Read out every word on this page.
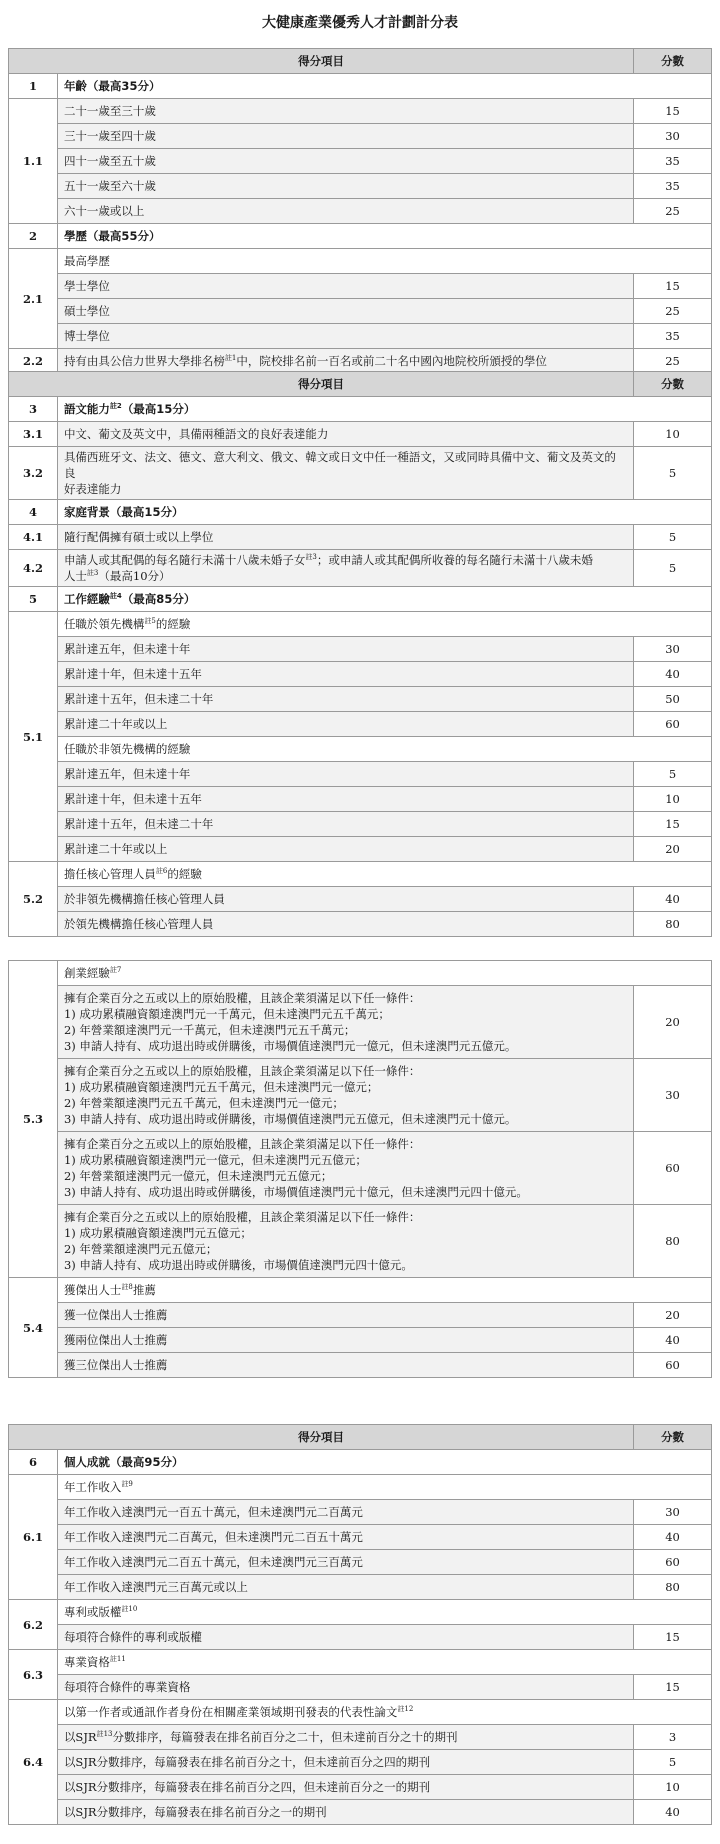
大健康產業優秀人才計劃計分表
得分項目		分數
1	年齡（最高35分）	
1.1	二十一歲至三十歲	15
	三十一歲至四十歲	30
	四十一歲至五十歲	35
	五十一歲至六十歲	35
	六十一歲或以上	25
2	學歷（最高55分）	
2.1	最高學歷	
	學士學位	15
	碩士學位	25
	博士學位	35
2.2	持有由具公信力世界大學排名榜$^{註1}$中，院校排名前一百名或前二十名中國內地院校所頒授的學位	25
得分項目		分數
3	語文能力$^{註2}$（最高15分）	
3.1	中文、葡文及英文中，具備兩種語文的良好表達能力	10
3.2	具備西班牙文、法文、德文、意大利文、俄文、韓文或日文中任一種語文，又或同時具備中文、葡文及英文的良
好表達能力	5
4	家庭背景（最高15分）	
4.1	隨行配偶擁有碩士或以上學位	5
4.2	申請人或其配偶的每名隨行未滿十八歲未婚子女$^{註3}$；或申請人或其配偶所收養的每名隨行未滿十八歲未婚
人士$^{註3}$（最高10分）	5
5	工作經驗$^{註4}$（最高85分）	
5.1	任職於領先機構$^{註5}$的經驗	
	累計達五年，但未達十年	30
	累計達十年，但未達十五年	40
	累計達十五年，但未達二十年	50
	累計達二十年或以上	60
	任職於非領先機構的經驗	
	累計達五年，但未達十年	5
	累計達十年，但未達十五年	10
	累計達十五年，但未達二十年	15
	累計達二十年或以上	20
5.2	擔任核心管理人員$^{註6}$的經驗	
	於非領先機構擔任核心管理人員	40
	於領先機構擔任核心管理人員	80
5.3	創業經驗$^{註7}$
	擁有企業百分之五或以上的原始股權，且該企業須滿足以下任一條件：
1) 成功累積融資額達澳門元一千萬元，但未達澳門元五千萬元；
2) 年營業額達澳門元一千萬元，但未達澳門元五千萬元；
3) 申請人持有、成功退出時或併購後，市場價值達澳門元一億元，但未達澳門元五億元。	20
	擁有企業百分之五或以上的原始股權，且該企業須滿足以下任一條件：
1) 成功累積融資額達澳門元五千萬元，但未達澳門元一億元；
2) 年營業額達澳門元五千萬元，但未達澳門元一億元；
3) 申請人持有、成功退出時或併購後，市場價值達澳門元五億元，但未達澳門元十億元。	30
	擁有企業百分之五或以上的原始股權，且該企業須滿足以下任一條件：
1) 成功累積融資額達澳門元一億元，但未達澳門元五億元；
2) 年營業額達澳門元一億元，但未達澳門元五億元；
3) 申請人持有、成功退出時或併購後，市場價值達澳門元十億元，但未達澳門元四十億元。	60
	擁有企業百分之五或以上的原始股權，且該企業須滿足以下任一條件：
1) 成功累積融資額達澳門元五億元；
2) 年營業額達澳門元五億元；
3) 申請人持有、成功退出時或併購後，市場價值達澳門元四十億元。	80
5.4	獲傑出人士$^{註8}$推薦	
	獲一位傑出人士推薦	20
	獲兩位傑出人士推薦	40
	獲三位傑出人士推薦	60
得分項目		分數
6	個人成就（最高95分）	
6.1	年工作收入$^{註9}$
	年工作收入達澳門元一百五十萬元，但未達澳門元二百萬元	30
	年工作收入達澳門元二百萬元，但未達澳門元二百五十萬元	40
	年工作收入達澳門元二百五十萬元，但未達澳門元三百萬元	60
	年工作收入達澳門元三百萬元或以上	80
6.2	專利或版權$^{註10}$
	每項符合條件的專利或版權	15
6.3	專業資格$^{註11}$
	每項符合條件的專業資格	15
6.4	以第一作者或通訊作者身份在相關產業領域期刊發表的代表性論文$^{註12}$
	以SJR$^{註13}$分數排序，每篇發表在排名前百分之二十，但未達前百分之十的期刊	3
	以SJR分數排序，每篇發表在排名前百分之十，但未達前百分之四的期刊	5
	以SJR分數排序，每篇發表在排名前百分之四，但未達前百分之一的期刊	10
	以SJR分數排序，每篇發表在排名前百分之一的期刊	40
